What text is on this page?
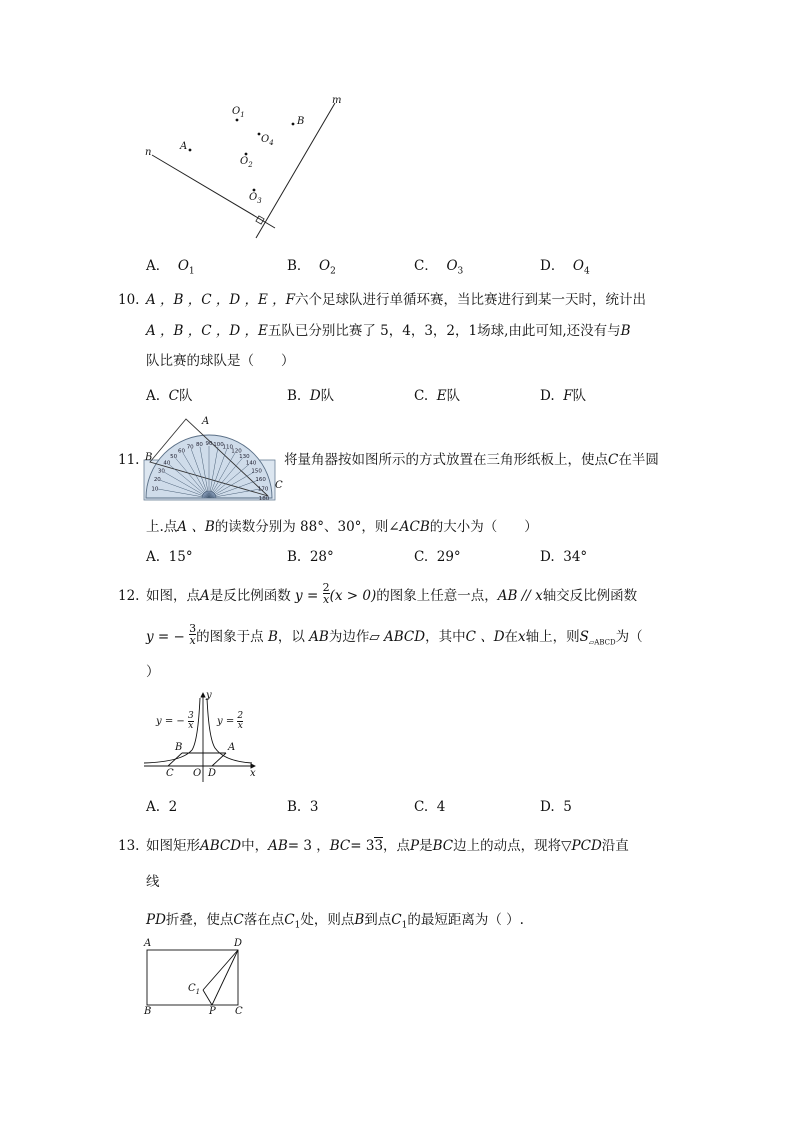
m
n
A
B
$O_1$
$O_4$
$O_2$
$O_3$
A． $O_1$	B． $O_2$	C． $O_3$	D． $O_4$
10. A ，B ，C ，D ，E ，F六个足球队进行单循环赛，当比赛进行到某一天时，统计出
A ，B ，C ，D ，E五队已分别比赛了 5，4，3，2，1场球,由此可知,还没有与B
队比赛的球队是（　　）
A. C队	B. D队	C. E队	D. F队
11.
10
20
30
40
50
60
70 80 90 100
110
120
130
140
150
160
170
180
A
B
C
将量角器按如图所示的方式放置在三角形纸板上，使点C在半圆
上.点A 、B的读数分别为 88°、30°，则∠ACB的大小为（　　）
A. 15°	B. 28°	C. 29°	D. 34°
12. 如图，点A是反比例函数 $y = \frac{2}{x} (x > 0)$的图象上任意一点，AB // x轴交反比例函数
y = − $\frac{3}{x}$ 的图象于点 B，以 AB为边作▱ ABCD，其中C 、D在x轴上，则$S_{▱ABCD}$为（
）
y
x
O
A
B
C	D
y = − $\frac{3}{x}$ $y = \frac{2}{x}$
A. 2	B. 3	C. 4	D. 5
13. 如图矩形ABCD中，AB= 3 ，BC= 33，点P是BC边上的动点，现将▽PCD沿直
线
PD折叠，使点C落在点$C_1$处，则点B到点$C_1$的最短距离为（ ）.
A	D
B	C
P
$C_1$
